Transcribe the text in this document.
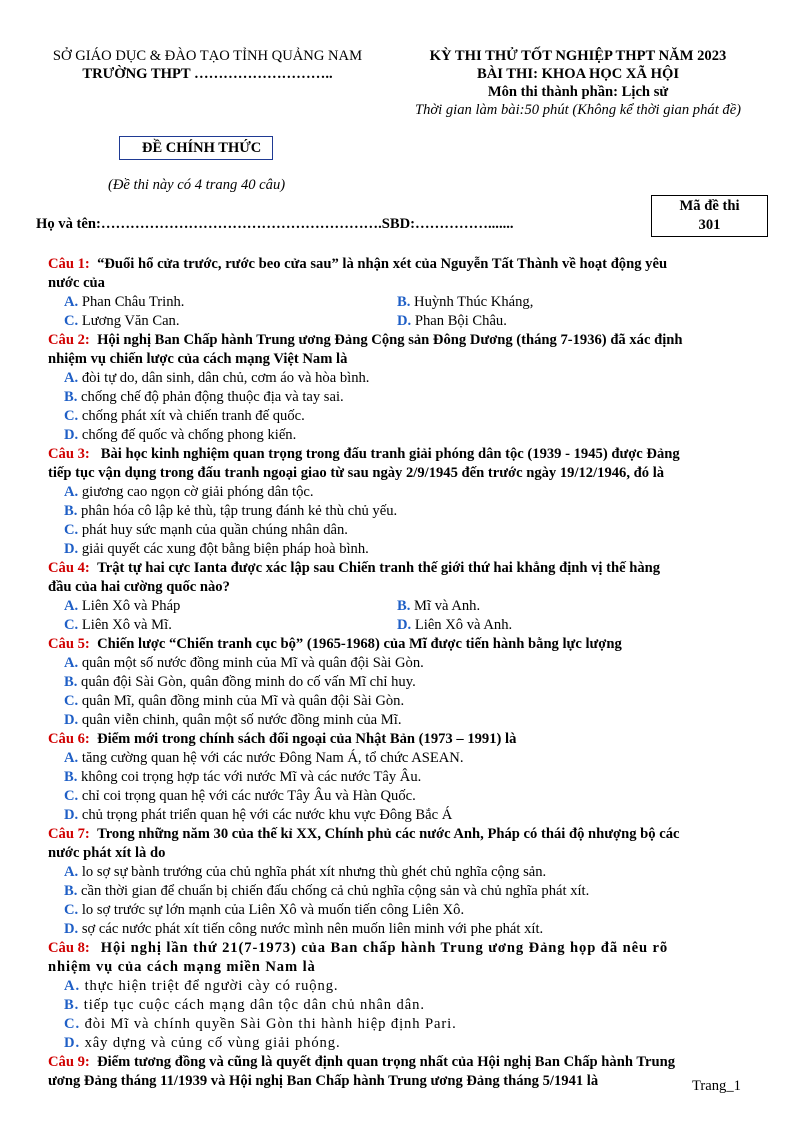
SỞ GIÁO DỤC & ĐÀO TẠO TỈNH QUẢNG NAM
TRƯỜNG THPT ………………………..
KỲ THI THỬ TỐT NGHIỆP THPT NĂM 2023
BÀI THI: KHOA HỌC XÃ HỘI
Môn thi thành phần: Lịch sử
Thời gian làm bài:50 phút (Không kể thời gian phát đề)
ĐỀ CHÍNH THỨC
(Đề thi này có 4 trang 40 câu)
Mã đề thi
301
Họ và tên:………………………………………………….SBD:…………….......

Câu 1: “Đuổi hổ cửa trước, rước beo cửa sau” là nhận xét của Nguyễn Tất Thành về hoạt động yêu

nước của

A. Phan Châu Trinh.	B. Huỳnh Thúc Kháng,
C. Lương Văn Can.	D. Phan Bội Châu.

Câu 2: Hội nghị Ban Chấp hành Trung ương Đảng Cộng sản Đông Dương (tháng 7-1936) đã xác định

nhiệm vụ chiến lược của cách mạng Việt Nam là

A. đòi tự do, dân sinh, dân chủ, cơm áo và hòa bình.

B. chống chế độ phản động thuộc địa và tay sai.

C. chống phát xít và chiến tranh đế quốc.

D. chống đế quốc và chống phong kiến.

Câu 3: Bài học kinh nghiệm quan trọng trong đấu tranh giải phóng dân tộc (1939 - 1945) được Đảng

tiếp tục vận dụng trong đấu tranh ngoại giao từ sau ngày 2/9/1945 đến trước ngày 19/12/1946, đó là

A. giương cao ngọn cờ giải phóng dân tộc.

B. phân hóa cô lập kẻ thù, tập trung đánh kẻ thù chủ yếu.

C. phát huy sức mạnh của quần chúng nhân dân.

D. giải quyết các xung đột bằng biện pháp hoà bình.

Câu 4: Trật tự hai cực Ianta được xác lập sau Chiến tranh thế giới thứ hai khẳng định vị thế hàng

đầu của hai cường quốc nào?

A. Liên Xô và Pháp	B. Mĩ và Anh.
C. Liên Xô và Mĩ.	D. Liên Xô và Anh.

Câu 5: Chiến lược “Chiến tranh cục bộ” (1965-1968) của Mĩ được tiến hành bằng lực lượng

A. quân một số nước đồng minh của Mĩ và quân đội Sài Gòn.

B. quân đội Sài Gòn, quân đồng minh do cố vấn Mĩ chỉ huy.

C. quân Mĩ, quân đồng minh của Mĩ và quân đội Sài Gòn.

D. quân viễn chinh, quân một số nước đồng minh của Mĩ.

Câu 6: Điểm mới trong chính sách đối ngoại của Nhật Bản (1973 – 1991) là

A. tăng cường quan hệ với các nước Đông Nam Á, tổ chức ASEAN.

B. không coi trọng hợp tác với nước Mĩ và các nước Tây Âu.

C. chỉ coi trọng quan hệ với các nước Tây Âu và Hàn Quốc.

D. chủ trọng phát triển quan hệ với các nước khu vực Đông Bắc Á

Câu 7: Trong những năm 30 của thế kỉ XX, Chính phủ các nước Anh, Pháp có thái độ nhượng bộ các

nước phát xít là do

A. lo sợ sự bành trướng của chủ nghĩa phát xít nhưng thù ghét chủ nghĩa cộng sản.

B. cần thời gian để chuẩn bị chiến đấu chống cả chủ nghĩa cộng sản và chủ nghĩa phát xít.

C. lo sợ trước sự lớn mạnh của Liên Xô và muốn tiến công Liên Xô.

D. sợ các nước phát xít tiến công nước mình nên muốn liên minh với phe phát xít.

Câu 8: Hội nghị lần thứ 21(7-1973) của Ban chấp hành Trung ương Đảng họp đã nêu rõ

nhiệm vụ của cách mạng miền Nam là

A. thực hiện triệt để người cày có ruộng.

B. tiếp tục cuộc cách mạng dân tộc dân chủ nhân dân.

C. đòi Mĩ và chính quyền Sài Gòn thi hành hiệp định Pari.

D. xây dựng và củng cố vùng giải phóng.

Câu 9: Điểm tương đồng và cũng là quyết định quan trọng nhất của Hội nghị Ban Chấp hành Trung

ương Đảng tháng 11/1939 và Hội nghị Ban Chấp hành Trung ương Đảng tháng 5/1941 là	Trang_1
